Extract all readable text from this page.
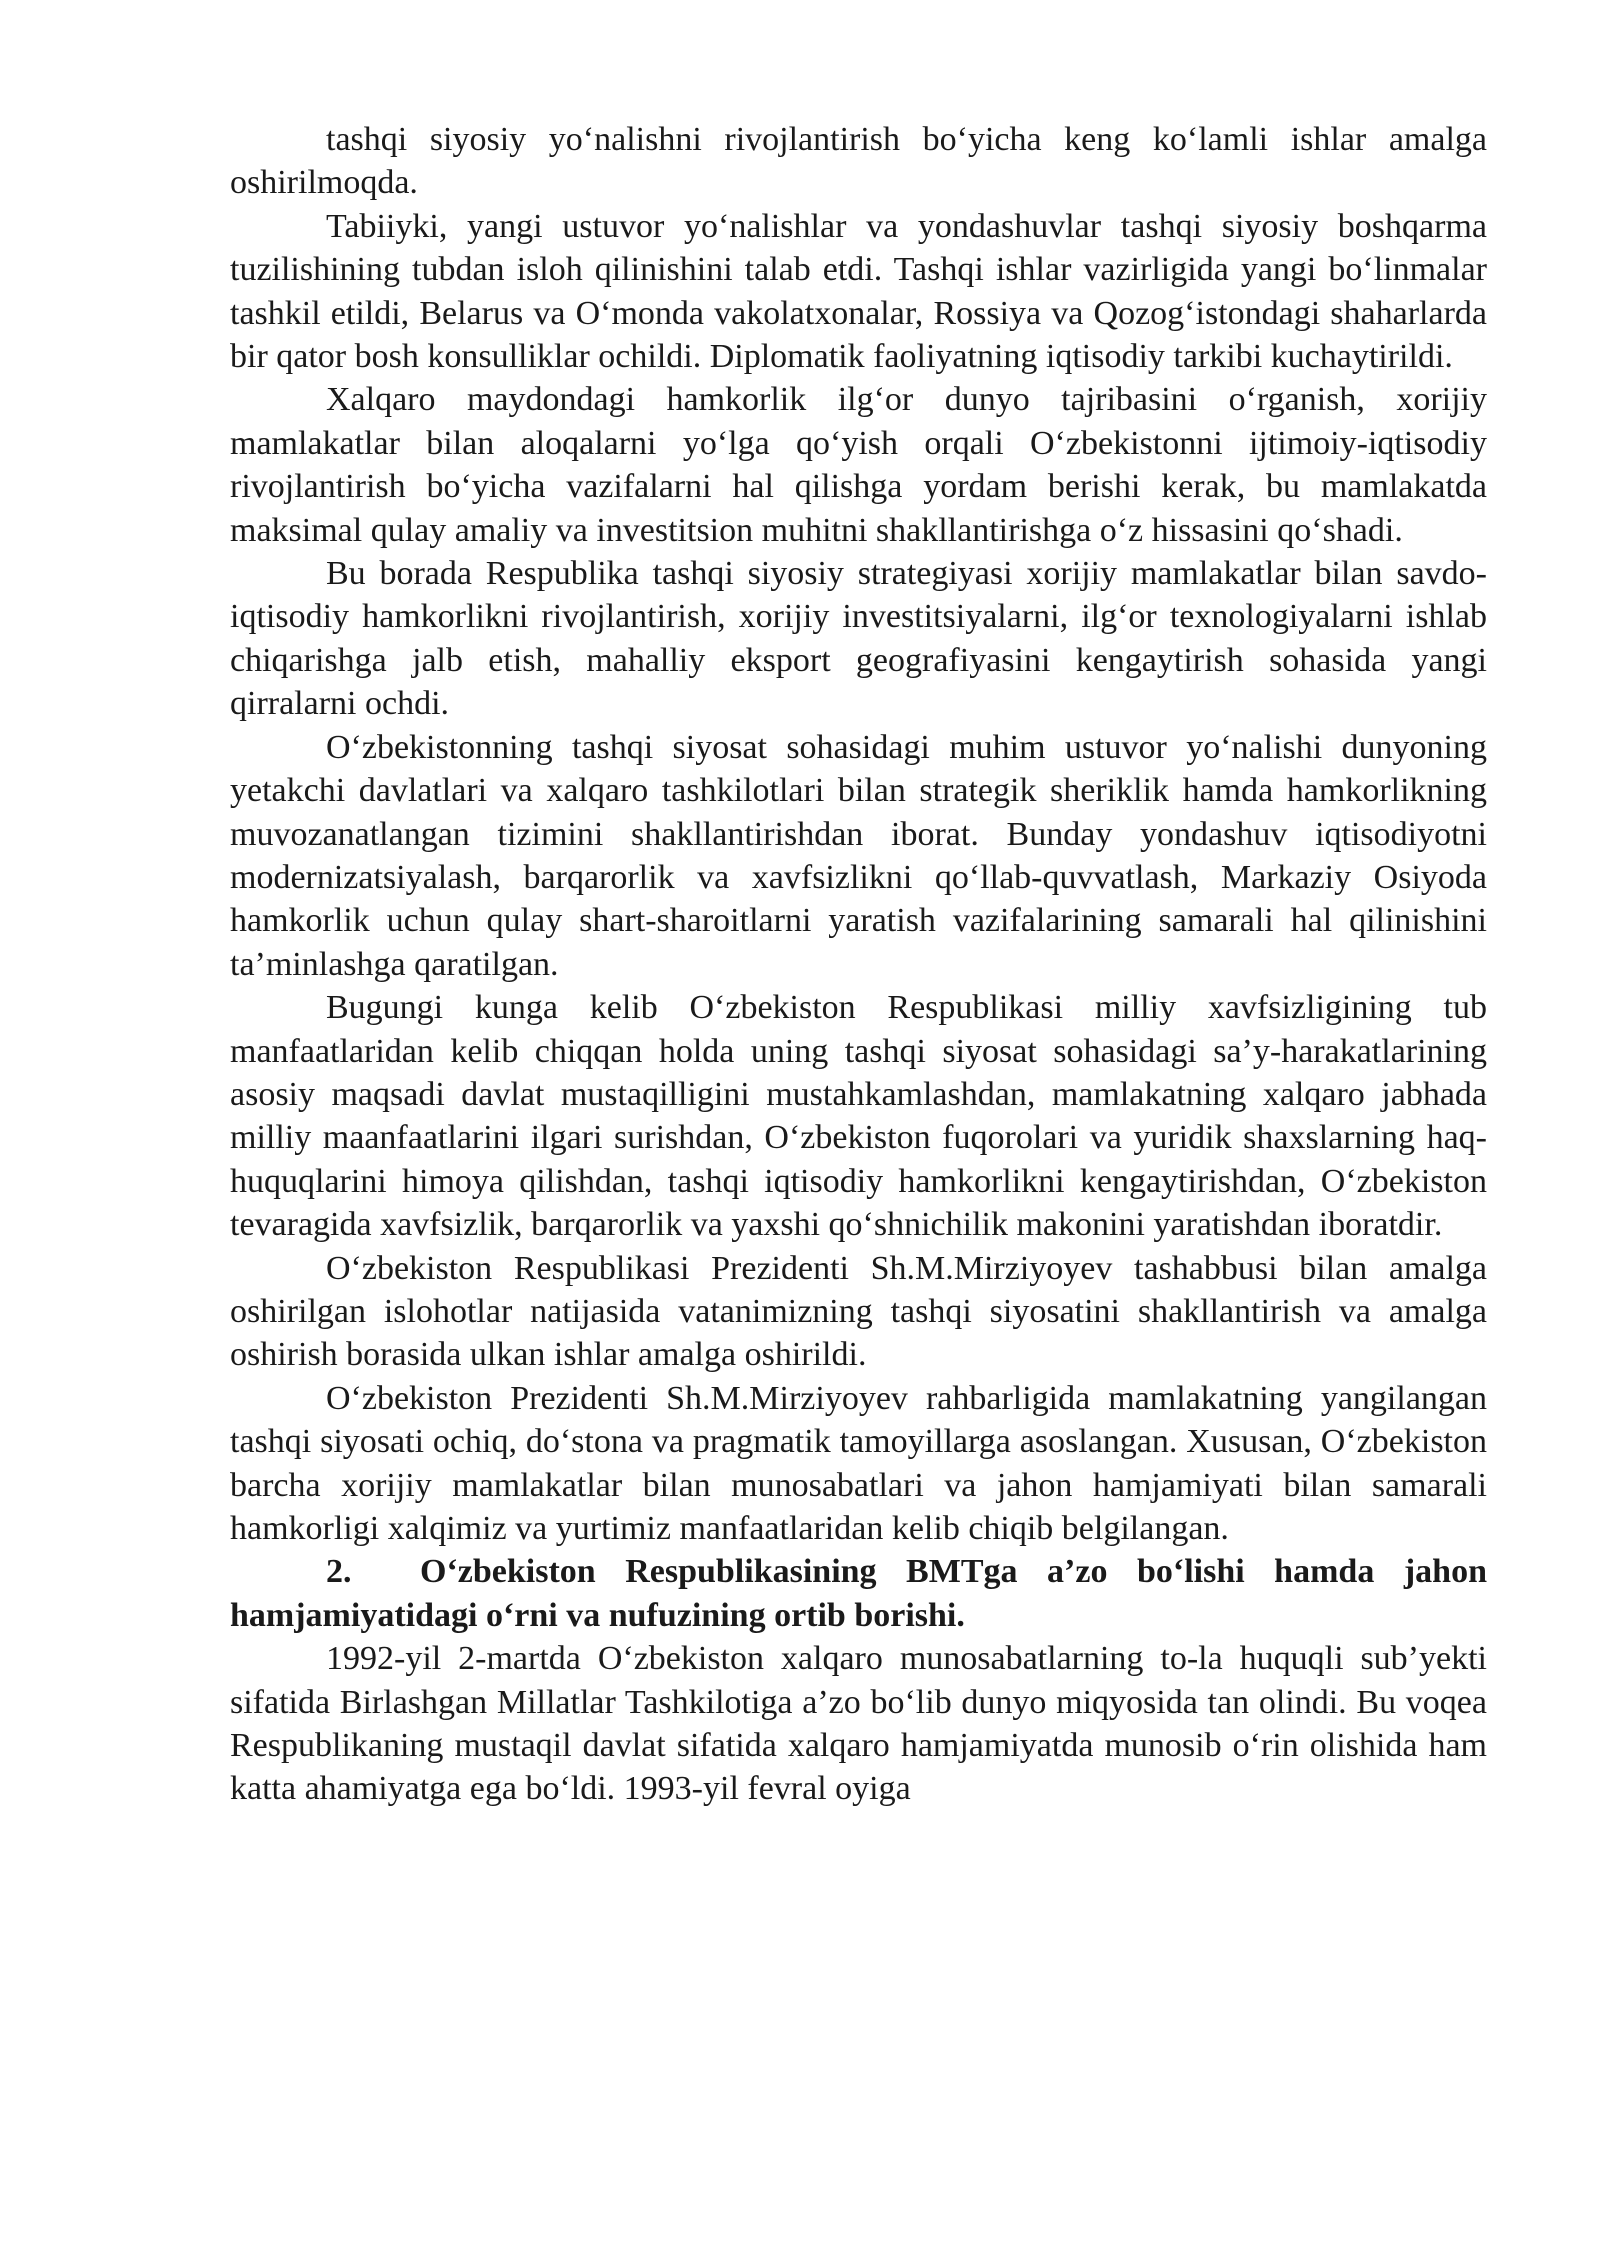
tashqi siyosiy yo‘nalishni rivojlantirish bo‘yicha keng ko‘lamli ishlar amalga oshirilmoqda.

Tabiiyki, yangi ustuvor yo‘nalishlar va yondashuvlar tashqi siyosiy boshqarma tuzilishining tubdan isloh qilinishini talab etdi. Tashqi ishlar vazirligida yangi bo‘linmalar tashkil etildi, Belarus va O‘monda vakolatxonalar, Rossiya va Qozog‘istondagi shaharlarda bir qator bosh konsulliklar ochildi. Diplomatik faoliyatning iqtisodiy tarkibi kuchaytirildi.

Xalqaro maydondagi hamkorlik ilg‘or dunyo tajribasini o‘rganish, xorijiy mamlakatlar bilan aloqalarni yo‘lga qo‘yish orqali O‘zbekistonni ijtimoiy-iqtisodiy rivojlantirish bo‘yicha vazifalarni hal qilishga yordam berishi kerak, bu mamlakatda maksimal qulay amaliy va investitsion muhitni shakllantirishga o‘z hissasini qo‘shadi.

Bu borada Respublika tashqi siyosiy strategiyasi xorijiy mamlakatlar bilan savdo-iqtisodiy hamkorlikni rivojlantirish, xorijiy investitsiyalarni, ilg‘or texnologiyalarni ishlab chiqarishga jalb etish, mahalliy eksport geografiyasini kengaytirish sohasida yangi qirralarni ochdi.

O‘zbekistonning tashqi siyosat sohasidagi muhim ustuvor yo‘nalishi dunyoning yetakchi davlatlari va xalqaro tashkilotlari bilan strategik sheriklik hamda hamkorlikning muvozanatlangan tizimini shakllantirishdan iborat. Bunday yondashuv iqtisodiyotni modernizatsiyalash, barqarorlik va xavfsizlikni qo‘llab-quvvatlash, Markaziy Osiyoda hamkorlik uchun qulay shart-sharoitlarni yaratish vazifalarining samarali hal qilinishini ta’minlashga qaratilgan.

Bugungi kunga kelib O‘zbekiston Respublikasi milliy xavfsizligining tub manfaatlaridan kelib chiqqan holda uning tashqi siyosat sohasidagi sa’y-harakatlarining asosiy maqsadi davlat mustaqilligini mustahkamlashdan, mamlakatning xalqaro jabhada milliy maanfaatlarini ilgari surishdan, O‘zbekiston fuqorolari va yuridik shaxslarning haq-huquqlarini himoya qilishdan, tashqi iqtisodiy hamkorlikni kengaytirishdan, O‘zbekiston tevaragida xavfsizlik, barqarorlik va yaxshi qo‘shnichilik makonini yaratishdan iboratdir.

O‘zbekiston Respublikasi Prezidenti Sh.M.Mirziyoyev tashabbusi bilan amalga oshirilgan islohotlar natijasida vatanimizning tashqi siyosatini shakllantirish va amalga oshirish borasida ulkan ishlar amalga oshirildi.

O‘zbekiston Prezidenti Sh.M.Mirziyoyev rahbarligida mamlakatning yangilangan tashqi siyosati ochiq, do‘stona va pragmatik tamoyillarga asoslangan. Xususan, O‘zbekiston barcha xorijiy mamlakatlar bilan munosabatlari va jahon hamjamiyati bilan samarali hamkorligi xalqimiz va yurtimiz manfaatlaridan kelib chiqib belgilangan.

2. O‘zbekiston Respublikasining BMTga a’zo bo‘lishi hamda jahon hamjamiyatidagi o‘rni va nufuzining ortib borishi.

1992-yil 2-martda O‘zbekiston xalqaro munosabatlarning to-la huquqli sub’yekti sifatida Birlashgan Millatlar Tashkilotiga a’zo bo‘lib dunyo miqyosida tan olindi. Bu voqea Respublikaning mustaqil davlat sifatida xalqaro hamjamiyatda munosib o‘rin olishida ham katta ahamiyatga ega bo‘ldi. 1993-yil fevral oyiga
